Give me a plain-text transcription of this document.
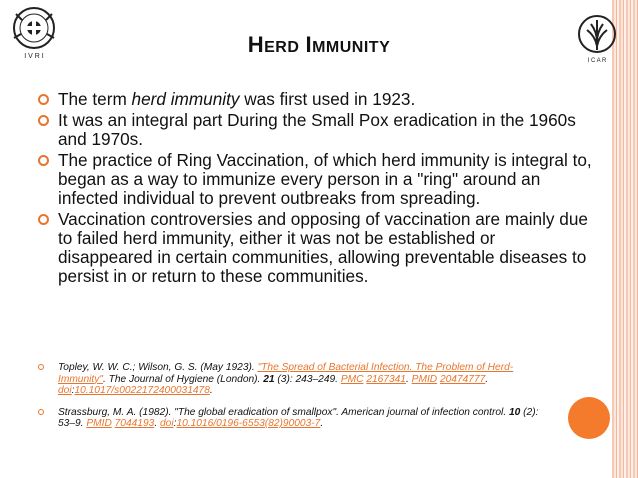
I V R I
I C A R
HERD IMMUNITY
The term herd immunity was first used in 1923.
It was an integral part During the Small Pox eradication in the 1960s and 1970s.
The practice of Ring Vaccination, of which herd immunity is integral to, began as a way to immunize every person in a "ring" around an infected individual to prevent outbreaks from spreading.
Vaccination controversies and opposing of vaccination are mainly due to failed herd immunity, either it was not be established or disappeared in certain communities, allowing preventable diseases to persist in or return to these communities.
Topley, W. W. C.; Wilson, G. S. (May 1923). "The Spread of Bacterial Infection. The Problem of Herd-Immunity". The Journal of Hygiene (London). 21 (3): 243–249. PMC 2167341. PMID 20474777. doi:10.1017/s0022172400031478.
Strassburg, M. A. (1982). "The global eradication of smallpox". American journal of infection control. 10 (2): 53–9. PMID 7044193. doi:10.1016/0196-6553(82)90003-7.
